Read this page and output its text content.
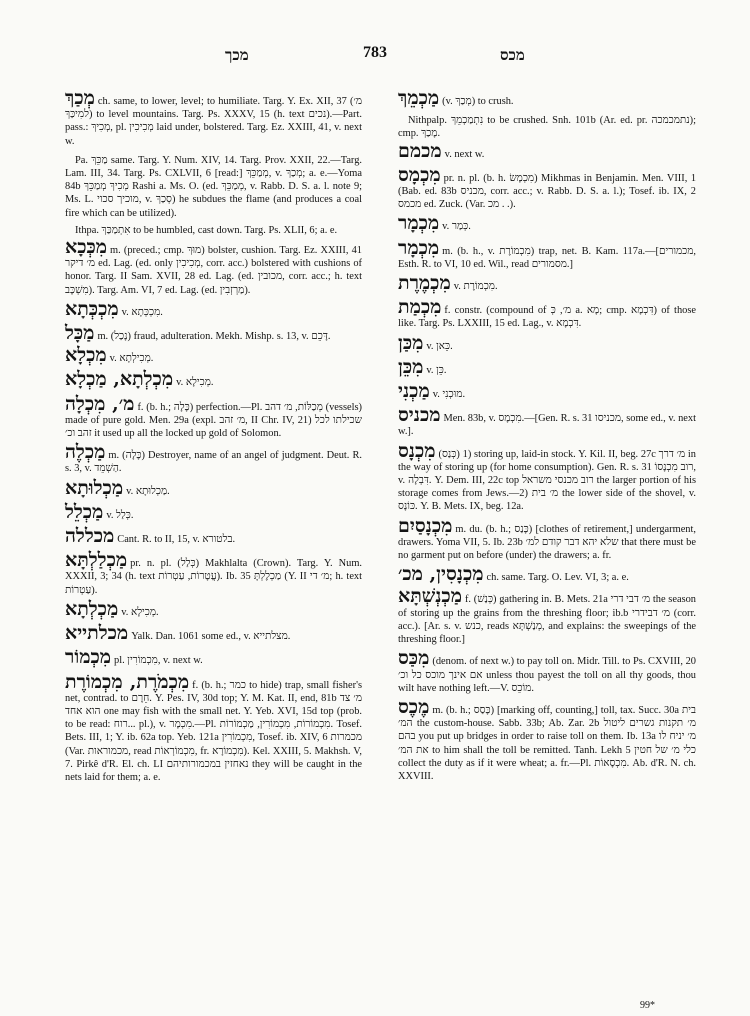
מכך	783	מכס

מְכַךְ ch. same, to lower, level; to humiliate. Targ. Y. Ex. XII, 37 (מ׳ למִיכַּךְ) to level mountains. Targ. Ps. XXXV, 15 (h. text נכים).—Part. pass.: מְכִיךְ, pl. מְכִיכִין laid under, bolstered. Targ. Ez. XXIII, 41, v. next w.

Pa. מַכֵּךְ same. Targ. Y. Num. XIV, 14. Targ. Prov. XXII, 22.—Targ. Lam. III, 34. Targ. Ps. CXLVII, 6 [read:] מְמַכֵּךְ, v. מְכַךְ; a. e.—Yoma 84b מְכִיךְ מְמַכֵּךְ Rashi a. Ms. O. (ed. מְמַכֵּךְ, v. Rabb. D. S. a. l. note 9; Ms. L. מוכיך סכוי, v. סְכַךְ) he subdues the flame (and produces a coal fire which can be utilized).

Ithpa. אִתְמַכַּךְ to be humbled, cast down. Targ. Ps. XLII, 6; a. e.

מִכְּכָא m. (preced.; cmp. מוּךְ) bolster, cushion. Targ. Ez. XXIII, 41 מ׳ דיקר ed. Lag. (ed. only מְכִיכִין, corr. acc.) bolstered with cushions of honor. Targ. II Sam. XVII, 28 ed. Lag. (ed. מכובין, corr. acc.; h. text מִשְׁכָּב). Targ. Am. VI, 7 ed. Lag. (ed. מַרְזְבִין).

מִכְכְּתָא v. מִכְכְּתָא.

מַכָּל m. (נָכַל) fraud, adulteration. Mekh. Mishp. s. 13, v. דָּכֵם.

מִכְלָא v. מְכִילְתָא.

מִכְלְתָא, מַכְלָא v. מְכִילָא.

מ׳, מִכְלָה f. (b. h.; כָּלָה) perfection.—Pl. מְכַלּוֹת, מ׳ דהב (vessels) made of pure gold. Men. 29a (expl. מ׳ זהב, II Chr. IV, 21) שכילתו לכל זהב וכ׳ it used up all the locked up gold of Solomon.

מַכְלֶה m. (כָּלָה) Destroyer, name of an angel of judgment. Deut. R. s. 3, v. הַשְׁמֵד.

מַכְלוּתָא v. מַכְלוּתָא.

מַכְלֵל v. כְּלַל.

מכללה Cant. R. to II, 15, v. בלטורא.

מַכְלַלְתָּא pr. n. pl. (כְּלַל) Makhlalta (Crown). Targ. Y. Num. XXXII, 3; 34 (h. text עֲטָרוֹת, עַטְרוֹת). Ib. 35 מַכְלֶלְתָּ (Y. II מ׳ די; h. text עַטְרוֹת).

מַכְלְתָא v. מְכִילָא.

מכלתייא Yalk. Dan. 1061 some ed., v. מצלתייא.

מִכְמוֹר pl. מִכְמוֹרִין, v. next w.

מִכְמֹרֶת, מִכְמוֹרֶת f. (b. h.; כמר to hide) trap, small fisher's net, contrad. to חֵרֶם. Y. Pes. IV, 30d top; Y. M. Kat. II, end, 81b מ׳ צד הוא אחד one may fish with the small net. Y. Yeb. XVI, 15d top (prob. to be read: רוח... pl.), v. מִכְמָר.—Pl. מִכְמוֹרוֹת, מִכְמוֹרִין, מַכְמוֹרוֹת. Tosef. Bets. III, 1; Y. ib. 62a top. Yeb. 121a מִכְמוֹרִין, Tosef. ib. XIV, 6 מכמרות (Var. מכמוראות, read מִכְמוֹרְאוֹת, fr. מִכְמוֹרָא). Kel. XXIII, 5. Makhsh. V, 7. Pirkê d'R. El. ch. LI נאחזין במכמורותיהם they will be caught in the nets laid for them; a. e.

מַכְמֵךְ (v. מְכַךְ) to crush.

Nithpalp. נִתְמַכְמֵךְ to be crushed. Snh. 101b (Ar. ed. pr. נתמכמכה); cmp. מָכַךְ.

מכמם v. next w.

מִכְמָס pr. n. pl. (b. h. מִכְמָשׂ) Mikhmas in Benjamin. Men. VIII, 1 (Bab. ed. 83b מכניס, corr. acc.; v. Rabb. D. S. a. l.); Tosef. ib. IX, 2 מכמס ed. Zuck. (Var. מכ . .).

מִכְמָר v. כְּמַר.

מִכְמָר m. (b. h., v. מִכְמוֹרֶת) trap, net. B. Kam. 117a.—[מכמורים, Esth. R. to VI, 10 ed. Wil., read מסמורים.]

מִכְמֶרֶת v. מִכְמוֹרֶת.

מִכְמַת f. constr. (compound of מ׳, כְּ a. מָא; cmp. דִּכְמָא) of those like. Targ. Ps. LXXIII, 15 ed. Lag., v. דִּכְמָא.

מִכַּן v. כֵּאן.

מִכֵּן v. כֵּן.

מַכְנִי v. מוּכְנִי.

מכניס Men. 83b, v. מִכְמָס.—[Gen. R. s. 31 מכניסו, some ed., v. next w.].

מִכְנָס (כְּנַס) 1) storing up, laid-in stock. Y. Kil. II, beg. 27c מ׳ דרך in the way of storing up (for home consumption). Gen. R. s. 31 רוב מִכְנָסוֹ, v. דִּבְלָה. Y. Dem. III, 22c top רוב מכנסי משראל the larger portion of his storage comes from Jews.—2) מ׳ בית the lower side of the shovel, v. כּוֹנָס. Y. B. Mets. IX, beg. 12a.

מִכְנָסַיִם m. du. (b. h.; כָּנַס) [clothes of retirement,] undergarment, drawers. Yoma VII, 5. Ib. 23b שלא יהא דבר קודם למ׳ that there must be no garment put on before (under) the drawers; a. fr.

מִכְנָסִין, מכ׳ ch. same. Targ. O. Lev. VI, 3; a. e.

מַכְנְשְׁתָּא f. (כְּנַשׁ) gathering in. B. Mets. 21a מ׳ דבי דרי the season of storing up the grains from the threshing floor; ib.b מ׳ דבידרי (corr. acc.). [Ar. s. v. כנש, reads מְנַשְׁתָּא, and explains: the sweepings of the threshing floor.]

מִכַּס (denom. of next w.) to pay toll on. Midr. Till. to Ps. CXVIII, 20 אם אינך מוכס כל וכ׳ unless thou payest the toll on all thy goods, thou wilt have nothing left.—V. מוֹכֵס.

מֶכֶס m. (b. h.; כָּסַס) [marking off, counting,] toll, tax. Succ. 30a בית המ׳ the custom-house. Sabb. 33b; Ab. Zar. 2b מ׳ תקנות גשרים ליטול בהם you put up bridges in order to raise toll on them. Ib. 13a מ׳ יניח לו את המ׳ to him shall the toll be remitted. Tanh. Lekh 5 כלי מ׳ של חטין collect the duty as if it were wheat; a. fr.—Pl. מִכְסָאוֹת. Ab. d'R. N. ch. XXVIII.

99*
